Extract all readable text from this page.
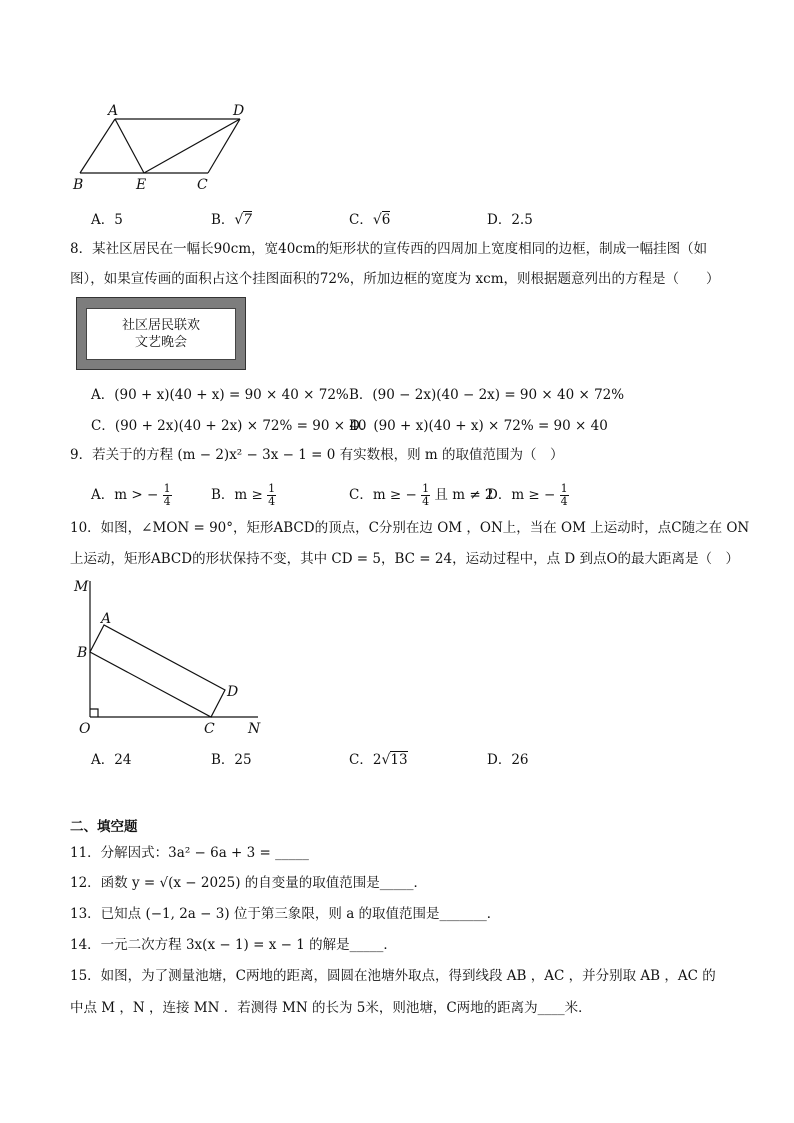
A	D
B	E	C
A．5	B．√7	C．√6	D．2.5
8．某社区居民在一幅长90cm，宽40cm的矩形状的宣传西的四周加上宽度相同的边框，制成一幅挂图（如
图），如果宣传画的面积占这个挂图面积的72%，所加边框的宽度为 xcm，则根据题意列出的方程是（　　）
社区居民联欢
文艺晚会
A．(90 + x)(40 + x) = 90 × 40 × 72% B．(90 − 2x)(40 − 2x) = 90 × 40 × 72%
C．(90 + 2x)(40 + 2x) × 72% = 90 × 40
D．(90 + x)(40 + x) × 72% = 90 × 40
9．若关于的方程 (m − 2)x² − 3x − 1 = 0 有实数根，则 m 的取值范围为（　）
A．m > − $\frac{1}{4}$	B．$m \ge \frac{1}{4}$	C．m ≥ − $\frac{1}{4}$ 且 m ≠ 2
D．m ≥ − $\frac{1}{4}$
10．如图，∠MON = 90°，矩形ABCD的顶点，C分别在边 OM ，ON上，当在 OM 上运动时，点C随之在 ON
上运动，矩形ABCD的形状保持不变，其中 CD = 5，BC = 24，运动过程中，点 D 到点O的最大距离是（　）
M
A
B
D
O	C N
A．24	B．25	C．2√13	D．26
二、填空题
11．分解因式：3a² − 6a + 3 = _____
12．函数 y = √(x − 2025) 的自变量的取值范围是_____．
13．已知点 (−1, 2a − 3) 位于第三象限，则 a 的取值范围是_______．
14．一元二次方程 3x(x − 1) = x − 1 的解是_____．
15．如图，为了测量池塘，C两地的距离，圆圆在池塘外取点，得到线段 AB ，AC ，并分别取 AB ，AC 的
中点 M ，N ，连接 MN ．若测得 MN 的长为 5米，则池塘，C两地的距离为____米．
